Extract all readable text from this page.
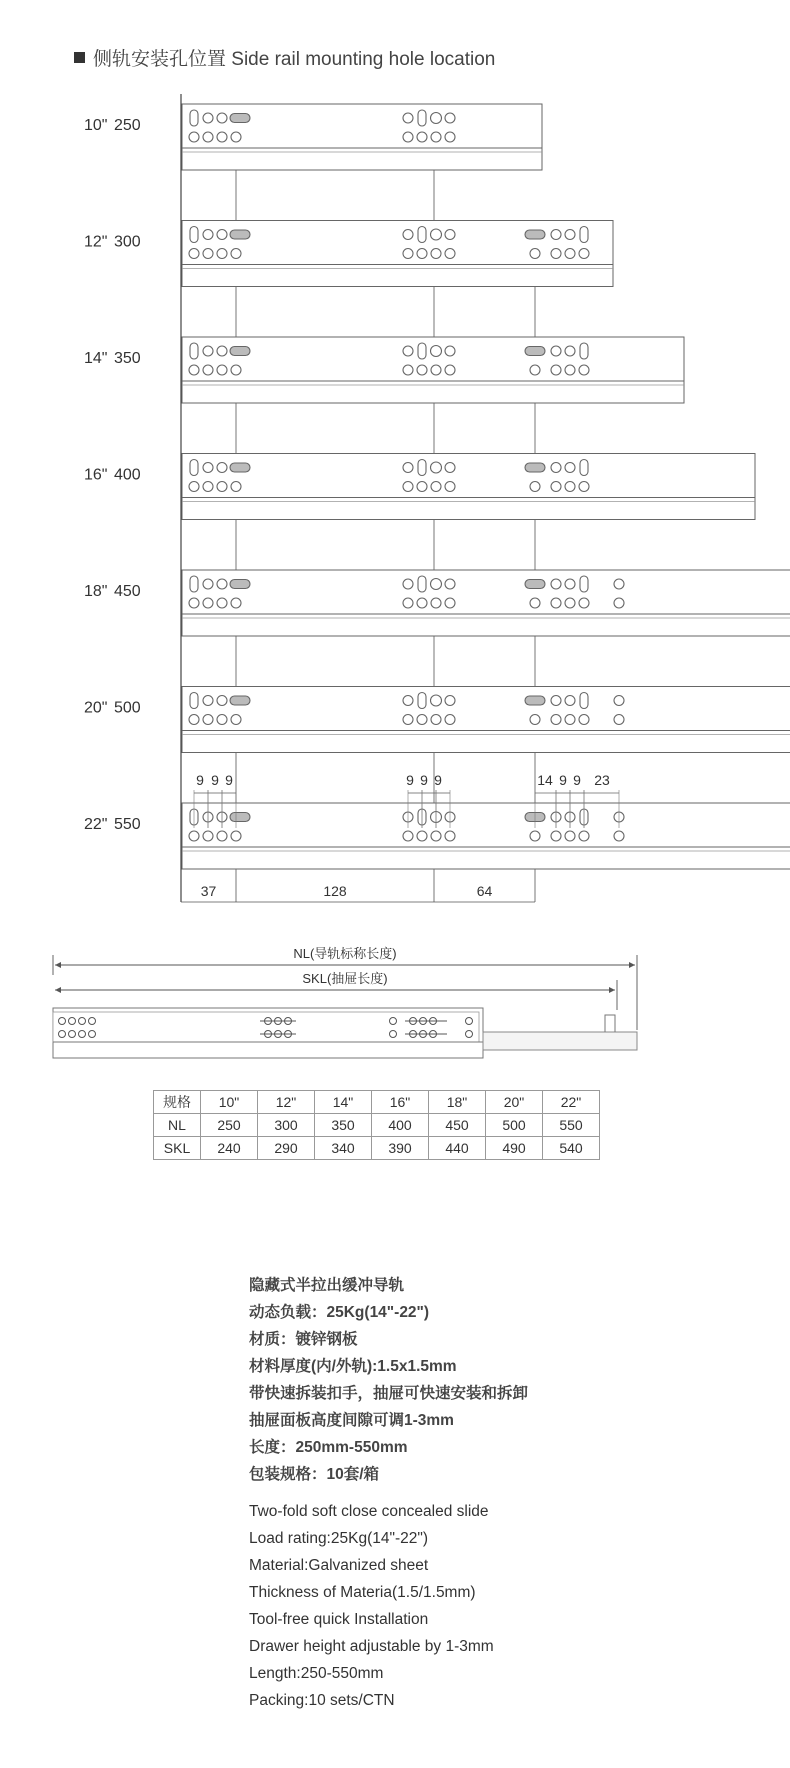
侧轨安装孔位置 Side rail mounting hole location
10" 250
12" 300
14" 350
16" 400
18" 450
20" 500
22" 550
9 9 9	9 9 9	14 9 9 23
37	128	64
NL(导轨标称长度)
SKL(抽屉长度)
规格	10"	12"	14"	16"	18"	20"	22"
NL	250	300	350	400	450	500	550
SKL	240	290	340	390	440	490	540
隐藏式半拉出缓冲导轨
动态负载：25Kg(14"-22")
材质：镀锌钢板
材料厚度(内/外轨):1.5x1.5mm
带快速拆装扣手，抽屉可快速安装和拆卸
抽屉面板高度间隙可调1-3mm
长度：250mm-550mm
包装规格：10套/箱
Two-fold soft close concealed slide
Load rating:25Kg(14"-22")
Material:Galvanized sheet
Thickness of Materia(1.5/1.5mm)
Tool-free quick Installation
Drawer height adjustable by 1-3mm
Length:250-550mm
Packing:10 sets/CTN
